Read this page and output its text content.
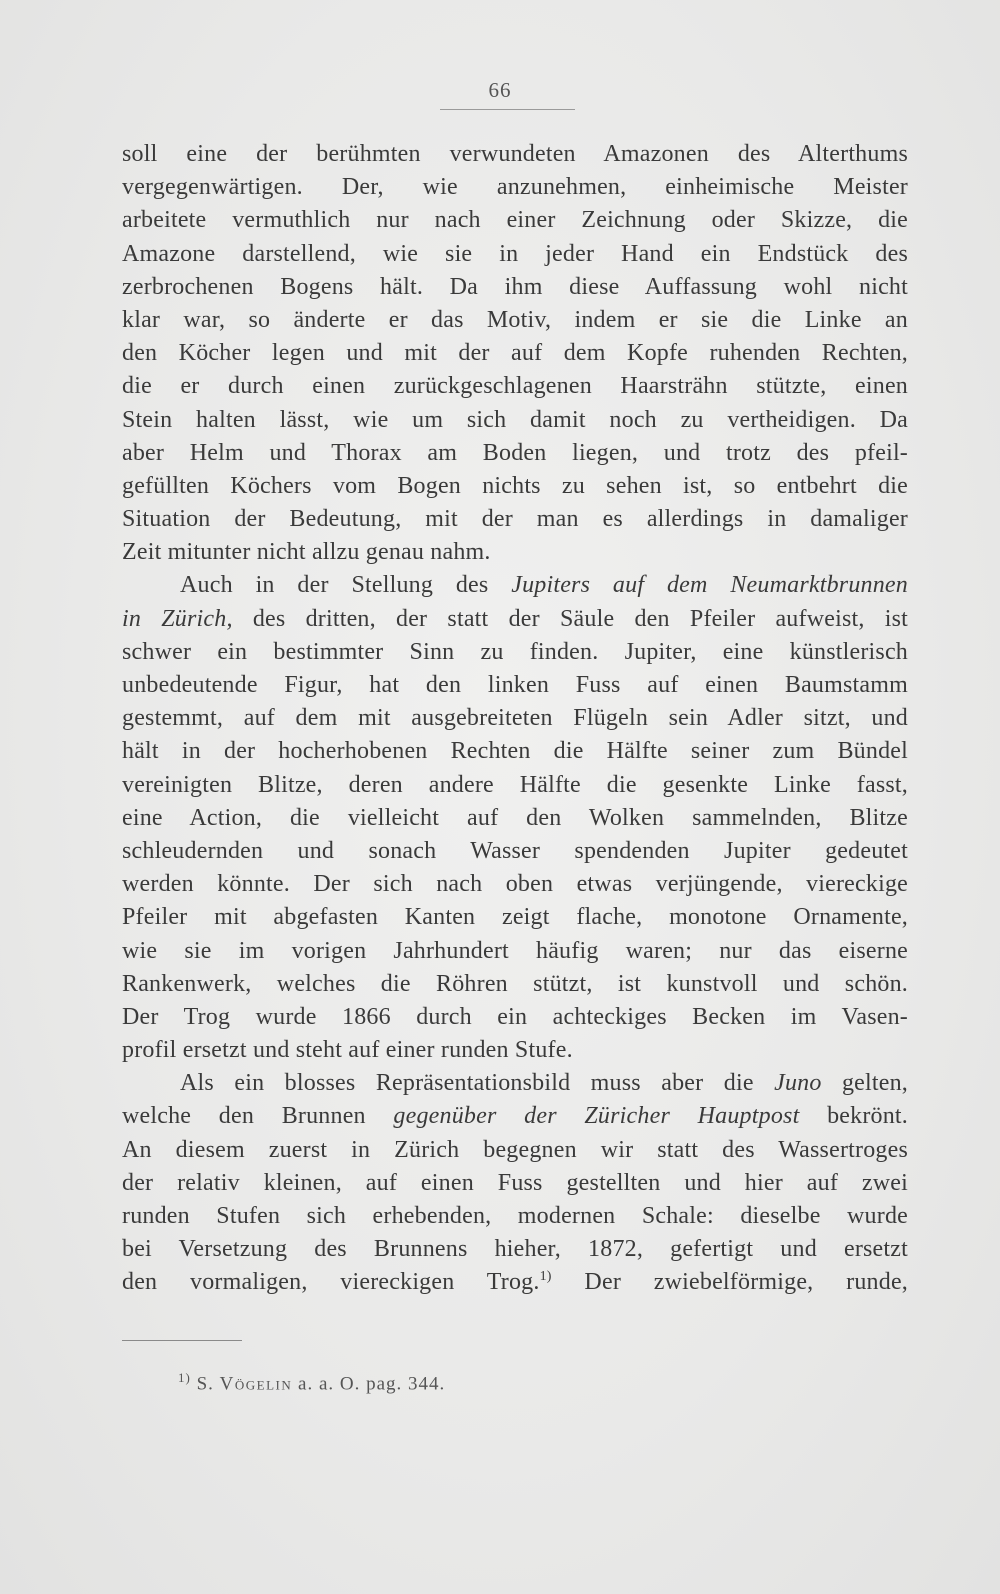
66
soll eine der berühmten verwundeten Amazonen des Alterthums
vergegenwärtigen. Der, wie anzunehmen, einheimische Meister
arbeitete vermuthlich nur nach einer Zeichnung oder Skizze, die
Amazone darstellend, wie sie in jeder Hand ein Endstück des
zerbrochenen Bogens hält. Da ihm diese Auffassung wohl nicht
klar war, so änderte er das Motiv, indem er sie die Linke an
den Köcher legen und mit der auf dem Kopfe ruhenden Rechten,
die er durch einen zurückgeschlagenen Haarsträhn stützte, einen
Stein halten lässt, wie um sich damit noch zu vertheidigen. Da
aber Helm und Thorax am Boden liegen, und trotz des pfeil-
gefüllten Köchers vom Bogen nichts zu sehen ist, so entbehrt die
Situation der Bedeutung, mit der man es allerdings in damaliger
Zeit mitunter nicht allzu genau nahm.
Auch in der Stellung des Jupiters auf dem Neumarktbrunnen
in Zürich, des dritten, der statt der Säule den Pfeiler aufweist, ist
schwer ein bestimmter Sinn zu finden. Jupiter, eine künstlerisch
unbedeutende Figur, hat den linken Fuss auf einen Baumstamm
gestemmt, auf dem mit ausgebreiteten Flügeln sein Adler sitzt, und
hält in der hocherhobenen Rechten die Hälfte seiner zum Bündel
vereinigten Blitze, deren andere Hälfte die gesenkte Linke fasst,
eine Action, die vielleicht auf den Wolken sammelnden, Blitze
schleudernden und sonach Wasser spendenden Jupiter gedeutet
werden könnte. Der sich nach oben etwas verjüngende, viereckige
Pfeiler mit abgefasten Kanten zeigt flache, monotone Ornamente,
wie sie im vorigen Jahrhundert häufig waren; nur das eiserne
Rankenwerk, welches die Röhren stützt, ist kunstvoll und schön.
Der Trog wurde 1866 durch ein achteckiges Becken im Vasen-
profil ersetzt und steht auf einer runden Stufe.
Als ein blosses Repräsentationsbild muss aber die Juno gelten,
welche den Brunnen gegenüber der Züricher Hauptpost bekrönt.
An diesem zuerst in Zürich begegnen wir statt des Wassertroges
der relativ kleinen, auf einen Fuss gestellten und hier auf zwei
runden Stufen sich erhebenden, modernen Schale: dieselbe wurde
bei Versetzung des Brunnens hieher, 1872, gefertigt und ersetzt
den vormaligen, viereckigen Trog.$^{1)}$ Der zwiebelförmige, runde,
$^{1)}$ S. Vögelin a. a. O. pag. 344.
